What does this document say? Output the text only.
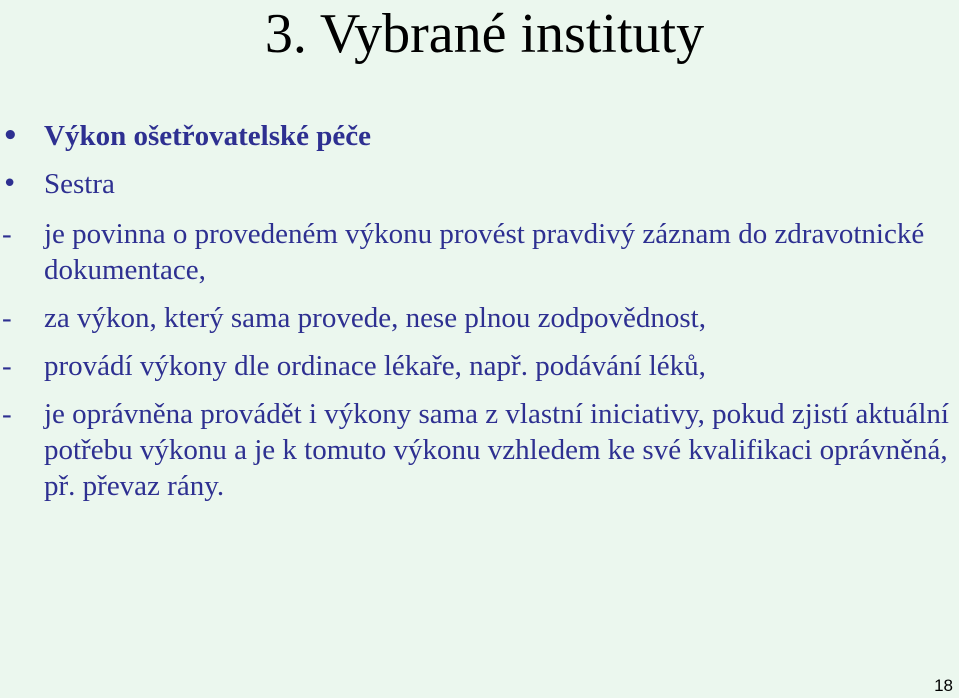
3. Vybrané instituty
• Výkon ošetřovatelské péče
• Sestra
-	je povinna o provedeném výkonu provést pravdivý záznam do zdravotnické dokumentace,
-	za výkon, který sama provede, nese plnou zodpovědnost,
-	provádí výkony dle ordinace lékaře, např. podávání léků,
-	je oprávněna provádět i výkony sama z vlastní iniciativy, pokud zjistí aktuální potřebu výkonu a je k tomuto výkonu vzhledem ke své kvalifikaci oprávněná, př. převaz rány.
18
